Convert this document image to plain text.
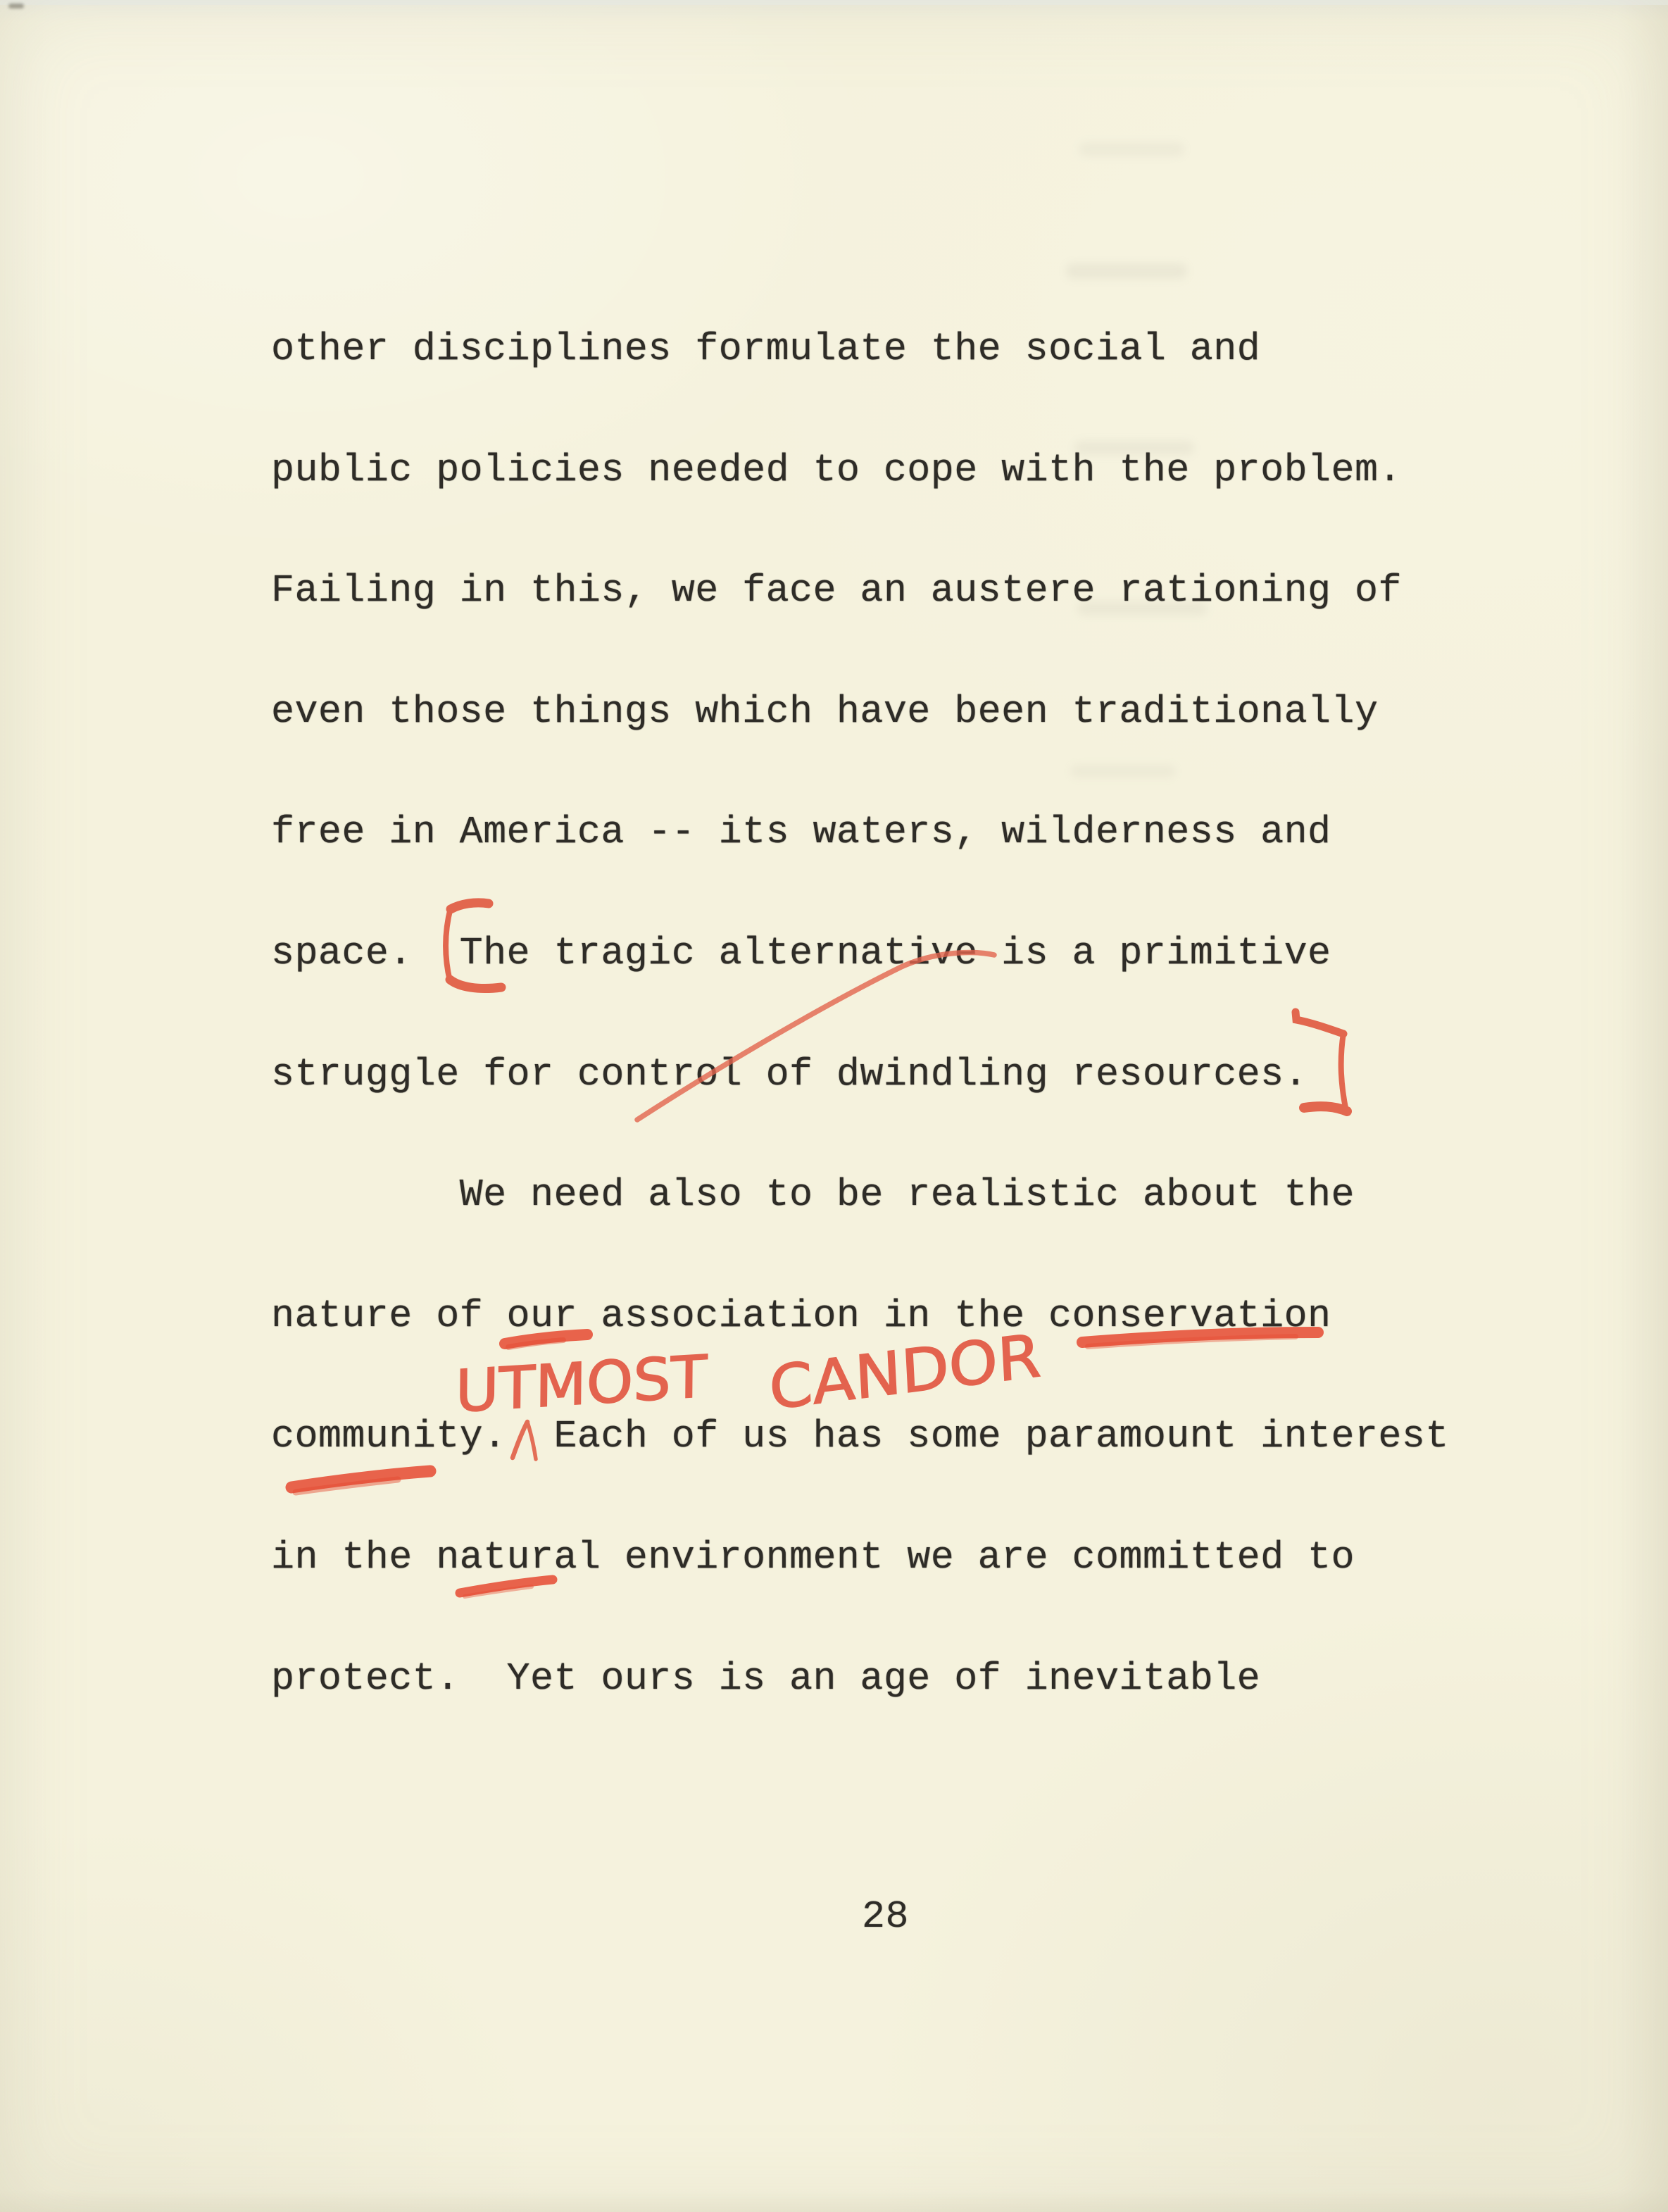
other disciplines formulate the social and
public policies needed to cope with the problem.
Failing in this, we face an austere rationing of
even those things which have been traditionally
free in America -- its waters, wilderness and
space.  The tragic alternative is a primitive
struggle for control of dwindling resources.
We need also to be realistic about the
nature of our association in the conservation
community.  Each of us has some paramount interest
in the natural environment we are committed to
protect.  Yet ours is an age of inevitable
28
UTMOST CANDOR
